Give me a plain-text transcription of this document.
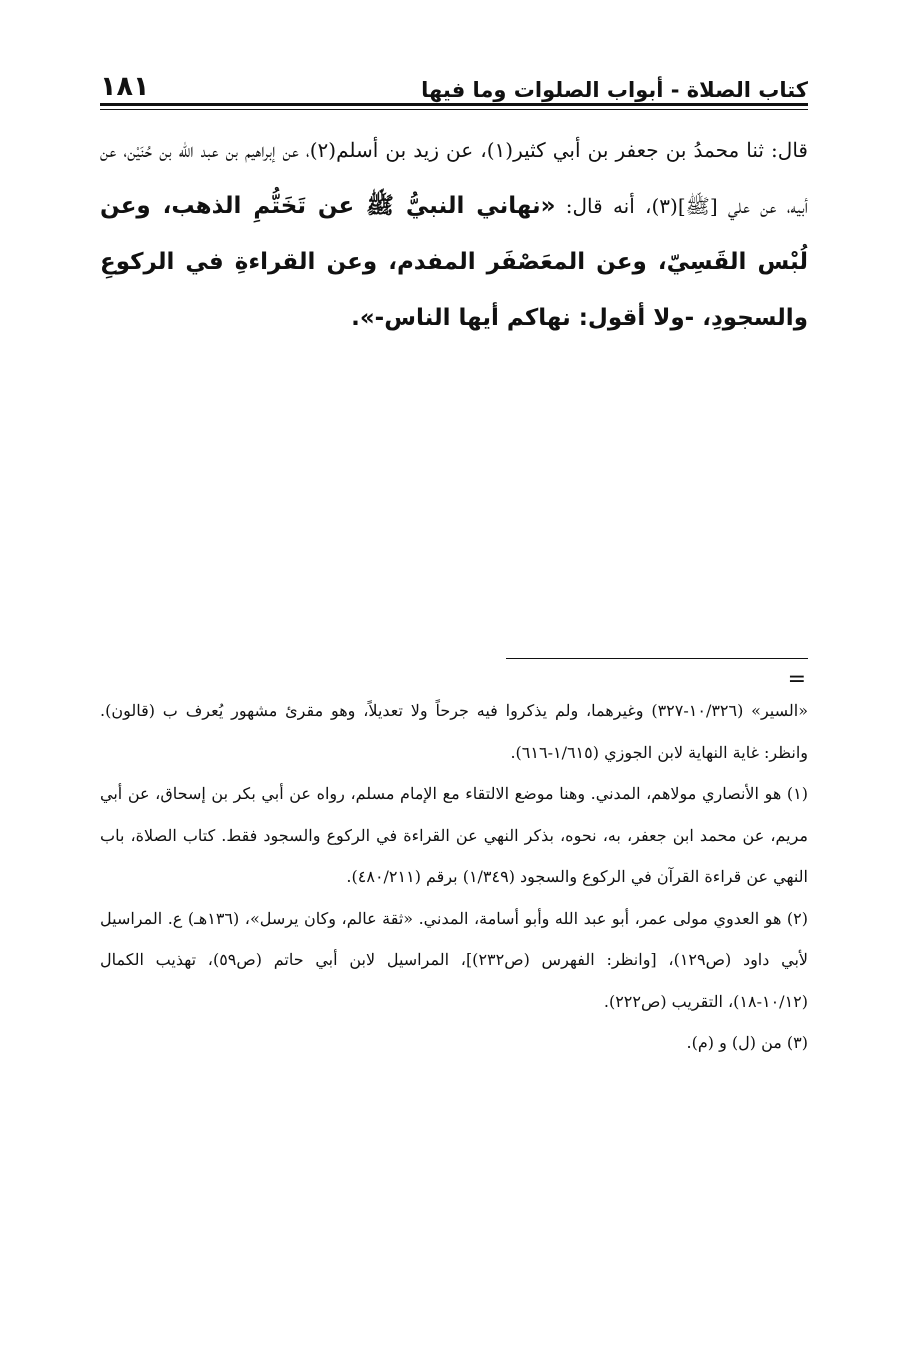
كتاب الصلاة - أبواب الصلوات وما فيها
١٨١
قال: ثنا محمدُ بن جعفر بن أبي كثير(١)، عن زيد بن أسلم(٢)، عن إبراهيم بن عبد الله بن حُنَيْن، عن أبيه، عن علي [ﷺ](٣)، أنه قال: «نهاني النبيُّ ﷺ عن تَخَتُّمِ الذهب، وعن لُبْس القَسِيّ، وعن المعَصْفَر المفدم، وعن القراءةِ في الركوعِ والسجودِ، -ولا أقول: نهاكم أيها الناس-».
=

«السير» (١٠/٣٢٦-٣٢٧) وغيرهما، ولم يذكروا فيه جرحاً ولا تعديلاً، وهو مقرئ مشهور يُعرف ب (قالون). وانظر: غاية النهاية لابن الجوزي (١/٦١٥-٦١٦).

(١) هو الأنصاري مولاهم، المدني. وهنا موضع الالتقاء مع الإمام مسلم، رواه عن أبي بكر بن إسحاق، عن أبي مريم، عن محمد ابن جعفر، به، نحوه، بذكر النهي عن القراءة في الركوع والسجود فقط. كتاب الصلاة، باب النهي عن قراءة القرآن في الركوع والسجود (١/٣٤٩) برقم (٤٨٠/٢١١).

(٢) هو العدوي مولى عمر، أبو عبد الله وأبو أسامة، المدني. «ثقة عالم، وكان يرسل»، (١٣٦هـ) ع. المراسيل لأبي داود (ص١٢٩)، [وانظر: الفهرس (ص٢٣٢)]، المراسيل لابن أبي حاتم (ص٥٩)، تهذيب الكمال (١٠/١٢-١٨)، التقريب (ص٢٢٢).

(٣) من (ل) و (م).
